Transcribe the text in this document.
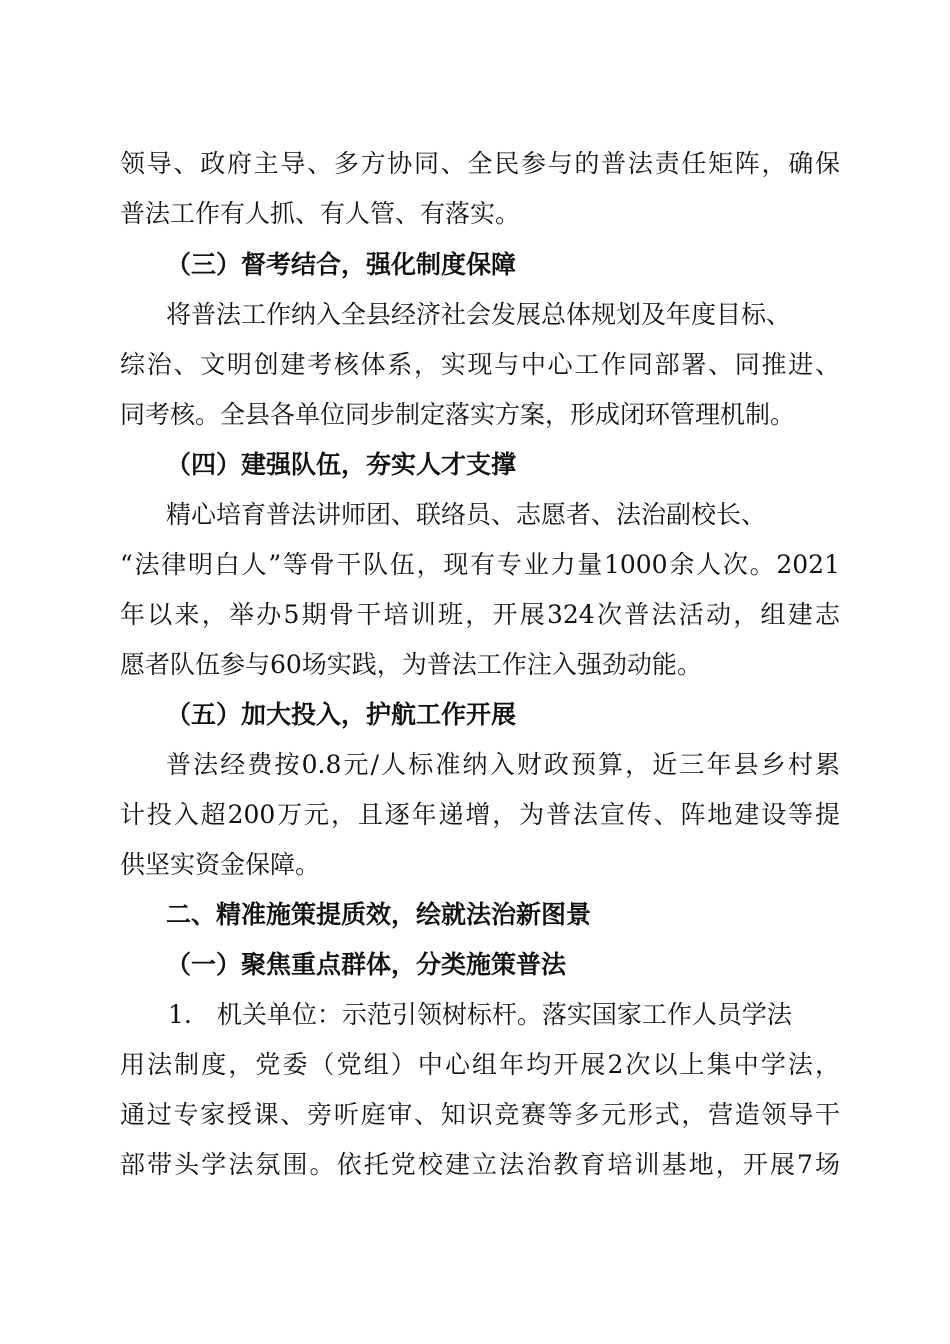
领导、政府主导、多方协同、全民参与的普法责任矩阵，确保
普法工作有人抓、有人管、有落实。
（三）督考结合，强化制度保障
将普法工作纳入全县经济社会发展总体规划及年度目标、
综治、文明创建考核体系，实现与中心工作同部署、同推进、
同考核。全县各单位同步制定落实方案，形成闭环管理机制。
（四）建强队伍，夯实人才支撑
精心培育普法讲师团、联络员、志愿者、法治副校长、
“法律明白人”等骨干队伍，现有专业力量1000余人次。2021
年以来，举办5期骨干培训班，开展324次普法活动，组建志
愿者队伍参与60场实践，为普法工作注入强劲动能。
（五）加大投入，护航工作开展
普法经费按0.8元/人标准纳入财政预算，近三年县乡村累
计投入超200万元，且逐年递增，为普法宣传、阵地建设等提
供坚实资金保障。
二、精准施策提质效，绘就法治新图景
（一）聚焦重点群体，分类施策普法
1.　机关单位：示范引领树标杆。落实国家工作人员学法
用法制度，党委（党组）中心组年均开展2次以上集中学法，
通过专家授课、旁听庭审、知识竞赛等多元形式，营造领导干
部带头学法氛围。依托党校建立法治教育培训基地，开展7场
